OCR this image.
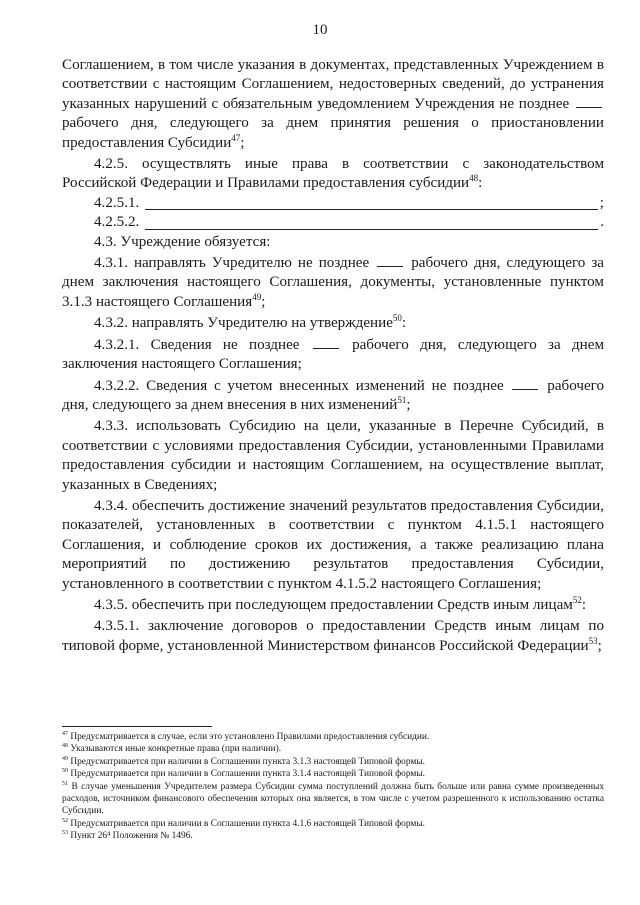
10

Соглашением, в том числе указания в документах, представленных Учреждением в соответствии с настоящим Соглашением, недостоверных сведений, до устранения указанных нарушений с обязательным уведомлением Учреждения не позднее  рабочего дня, следующего за днем принятия решения о приостановлении предоставления Субсидии$^{47}$;

4.2.5. осуществлять иные права в соответствии с законодательством Российской Федерации и Правилами предоставления субсидии$^{48}$:

4.2.5.1.	;
4.2.5.2.	.

4.3. Учреждение обязуется:

4.3.1. направлять Учредителю не позднее	рабочего дня, следующего за днем заключения настоящего Соглашения, документы, установленные пунктом 3.1.3 настоящего Соглашения$^{49}$;

4.3.2. направлять Учредителю на утверждение$^{50}$:

4.3.2.1. Сведения не позднее	рабочего дня, следующего за днем заключения настоящего Соглашения;

4.3.2.2. Сведения с учетом внесенных изменений не позднее	рабочего дня, следующего за днем внесения в них изменений$^{51}$;

4.3.3. использовать Субсидию на цели, указанные в Перечне Субсидий, в соответствии с условиями предоставления Субсидии, установленными Правилами предоставления субсидии и настоящим Соглашением, на осуществление выплат, указанных в Сведениях;

4.3.4. обеспечить достижение значений результатов предоставления Субсидии, показателей, установленных в соответствии с пунктом 4.1.5.1 настоящего Соглашения, и соблюдение сроков их достижения, а также реализацию плана мероприятий по достижению результатов предоставления Субсидии, установленного в соответствии с пунктом 4.1.5.2 настоящего Соглашения;

4.3.5. обеспечить при последующем предоставлении Средств иным лицам$^{52}$:

4.3.5.1. заключение договоров о предоставлении Средств иным лицам по типовой форме, установленной Министерством финансов Российской Федерации$^{53}$;

$^{47}$ Предусматривается в случае, если это установлено Правилами предоставления субсидии.

$^{48}$ Указываются иные конкретные права (при наличии).

$^{49}$ Предусматривается при наличии в Соглашении пункта 3.1.3 настоящей Типовой формы.

$^{50}$ Предусматривается при наличии в Соглашении пункта 3.1.4 настоящей Типовой формы.

$^{51}$ В случае уменьшения Учредителем размера Субсидии сумма поступлений должна быть больше или равна сумме произведенных расходов, источником финансового обеспечения которых она является, в том числе с учетом разрешенного к использованию остатка Субсидии.

$^{52}$ Предусматривается при наличии в Соглашении пункта 4.1.6 настоящей Типовой формы.

$^{53}$ Пункт 26⁴ Положения № 1496.
